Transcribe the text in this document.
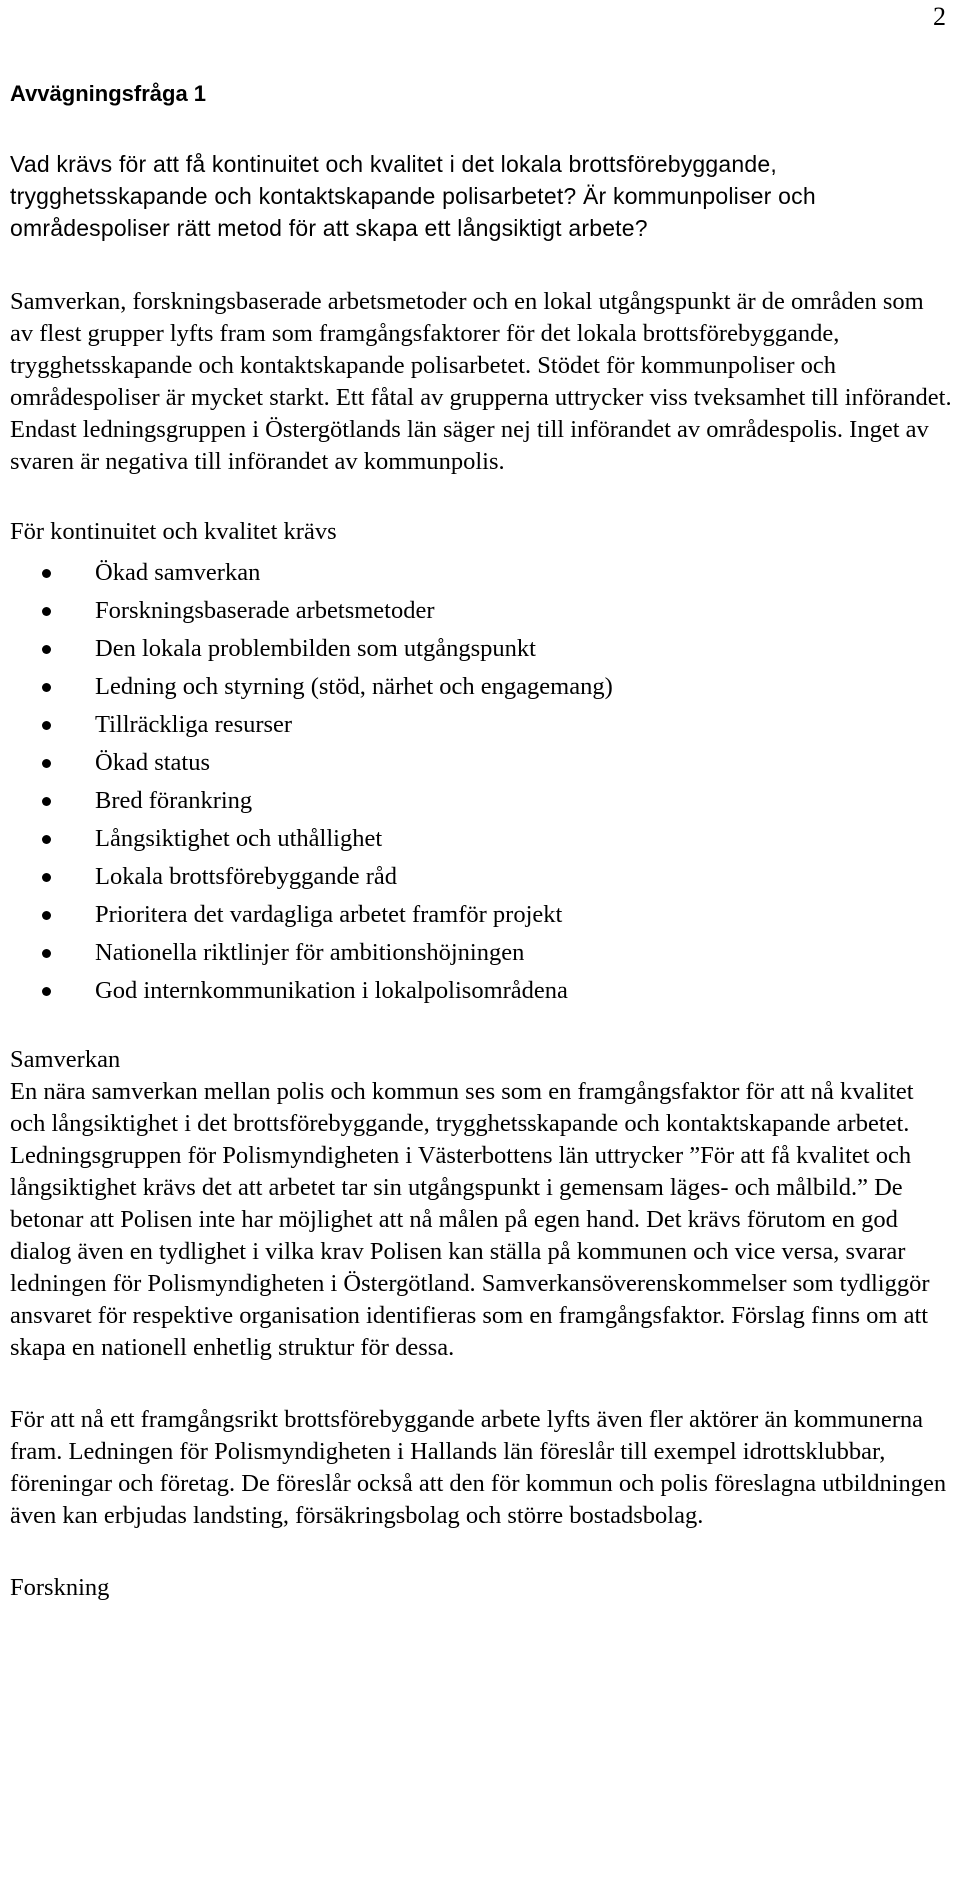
2
Avvägningsfråga 1

Vad krävs för att få kontinuitet och kvalitet i det lokala brottsförebyggande, trygghetsskapande och kontaktskapande polisarbetet? Är kommunpoliser och områdespoliser rätt metod för att skapa ett långsiktigt arbete?

Samverkan, forskningsbaserade arbetsmetoder och en lokal utgångspunkt är de områden som av flest grupper lyfts fram som framgångsfaktorer för det lokala brottsförebyggande, trygghetsskapande och kontaktskapande polisarbetet. Stödet för kommunpoliser och områdespoliser är mycket starkt. Ett fåtal av grupperna uttrycker viss tveksamhet till införandet. Endast ledningsgruppen i Östergötlands län säger nej till införandet av områdespolis. Inget av svaren är negativa till införandet av kommunpolis.

För kontinuitet och kvalitet krävs

Ökad samverkan
Forskningsbaserade arbetsmetoder
Den lokala problembilden som utgångspunkt
Ledning och styrning (stöd, närhet och engagemang)
Tillräckliga resurser
Ökad status
Bred förankring
Långsiktighet och uthållighet
Lokala brottsförebyggande råd
Prioritera det vardagliga arbetet framför projekt
Nationella riktlinjer för ambitionshöjningen
God internkommunikation i lokalpolisområdena

Samverkan

En nära samverkan mellan polis och kommun ses som en framgångsfaktor för att nå kvalitet och långsiktighet i det brottsförebyggande, trygghetsskapande och kontaktskapande arbetet. Ledningsgruppen för Polismyndigheten i Västerbottens län uttrycker ”För att få kvalitet och långsiktighet krävs det att arbetet tar sin utgångspunkt i gemensam läges- och målbild.” De betonar att Polisen inte har möjlighet att nå målen på egen hand. Det krävs förutom en god dialog även en tydlighet i vilka krav Polisen kan ställa på kommunen och vice versa, svarar ledningen för Polismyndigheten i Östergötland. Samverkansöverenskommelser som tydliggör ansvaret för respektive organisation identifieras som en framgångsfaktor. Förslag finns om att skapa en nationell enhetlig struktur för dessa.

För att nå ett framgångsrikt brottsförebyggande arbete lyfts även fler aktörer än kommunerna fram. Ledningen för Polismyndigheten i Hallands län föreslår till exempel idrottsklubbar, föreningar och företag. De föreslår också att den för kommun och polis föreslagna utbildningen även kan erbjudas landsting, försäkringsbolag och större bostadsbolag.

Forskning
